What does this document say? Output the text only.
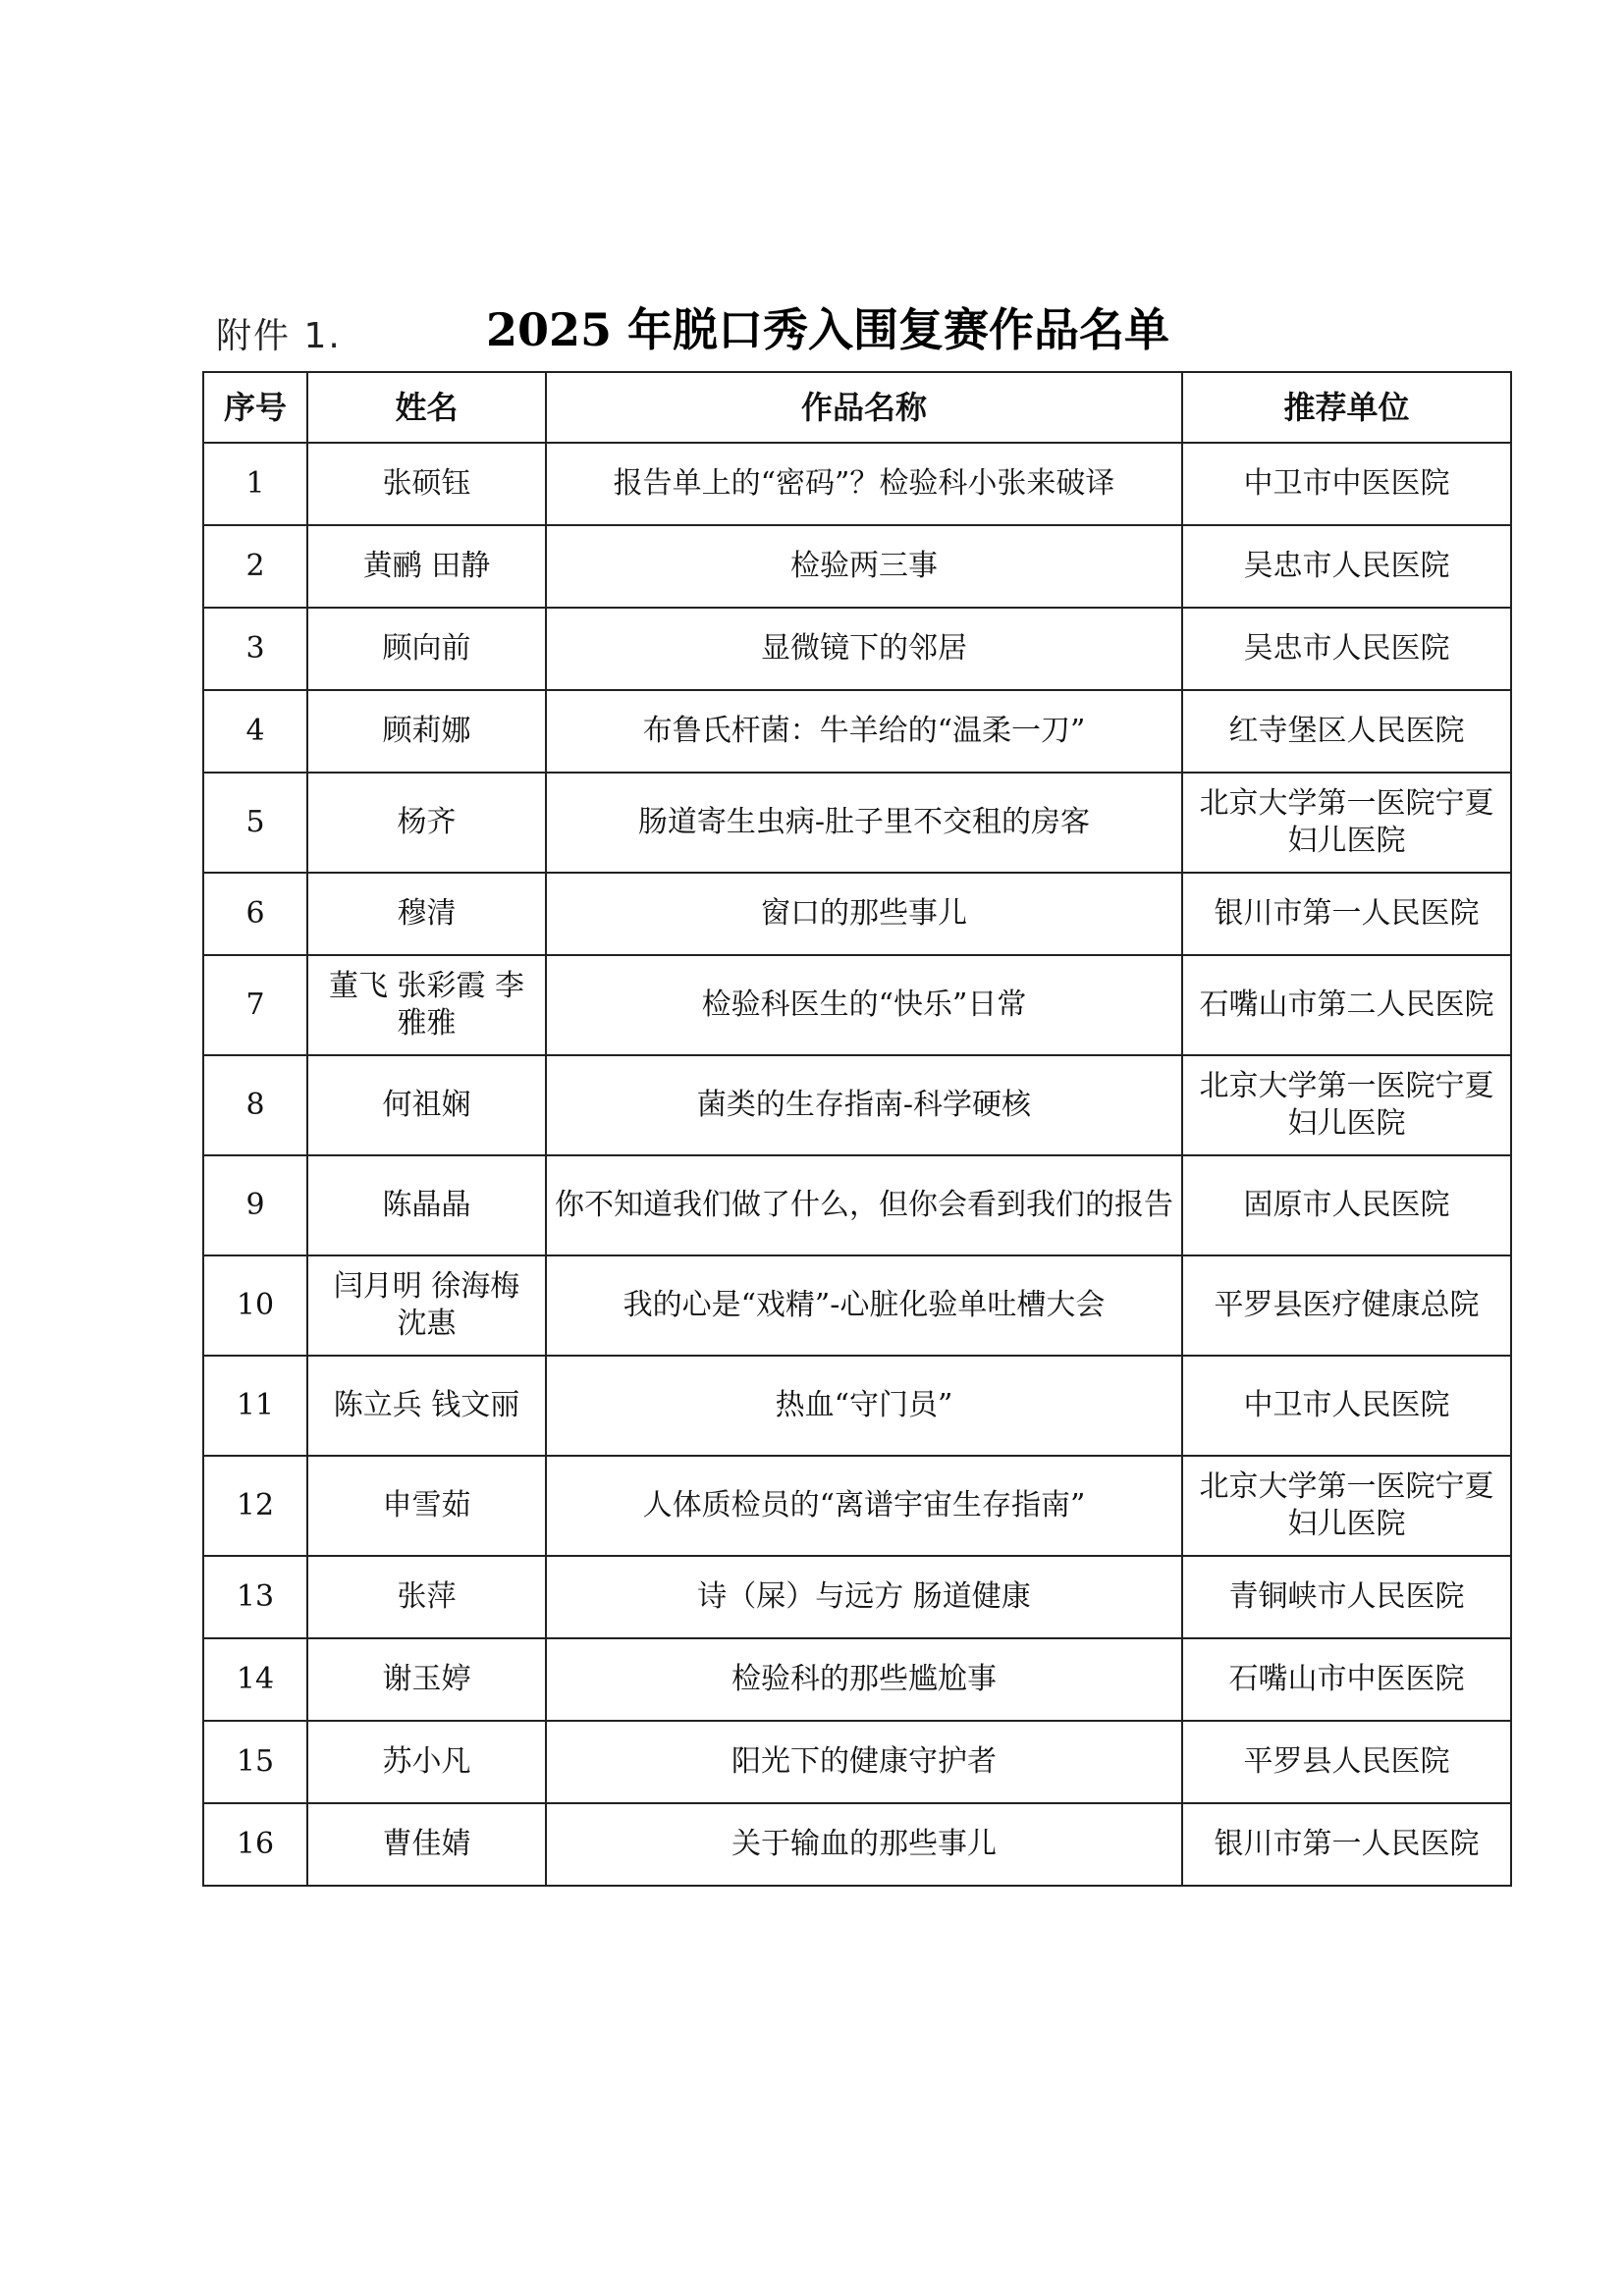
附件 1.	2025 年脱口秀入围复赛作品名单
序号	姓名	作品名称	推荐单位
1	张硕钰	报告单上的“密码”？检验科小张来破译	中卫市中医医院
2	黄鹂 田静	检验两三事	吴忠市人民医院
3	顾向前	显微镜下的邻居	吴忠市人民医院
4	顾莉娜	布鲁氏杆菌：牛羊给的“温柔一刀”	红寺堡区人民医院
5	杨齐	肠道寄生虫病-肚子里不交租的房客	北京大学第一医院宁夏妇儿医院
6	穆清	窗口的那些事儿	银川市第一人民医院
7	董飞 张彩霞 李雅雅	检验科医生的“快乐”日常	石嘴山市第二人民医院
8	何祖娴	菌类的生存指南-科学硬核	北京大学第一医院宁夏妇儿医院
9	陈晶晶	你不知道我们做了什么，但你会看到我们的报告	固原市人民医院
10	闫月明 徐海梅 沈惠	我的心是“戏精”-心脏化验单吐槽大会	平罗县医疗健康总院
11	陈立兵 钱文丽	热血“守门员”	中卫市人民医院
12	申雪茹	人体质检员的“离谱宇宙生存指南”	北京大学第一医院宁夏妇儿医院
13	张萍	诗（屎）与远方 肠道健康	青铜峡市人民医院
14	谢玉婷	检验科的那些尴尬事	石嘴山市中医医院
15	苏小凡	阳光下的健康守护者	平罗县人民医院
16	曹佳婧	关于输血的那些事儿	银川市第一人民医院
